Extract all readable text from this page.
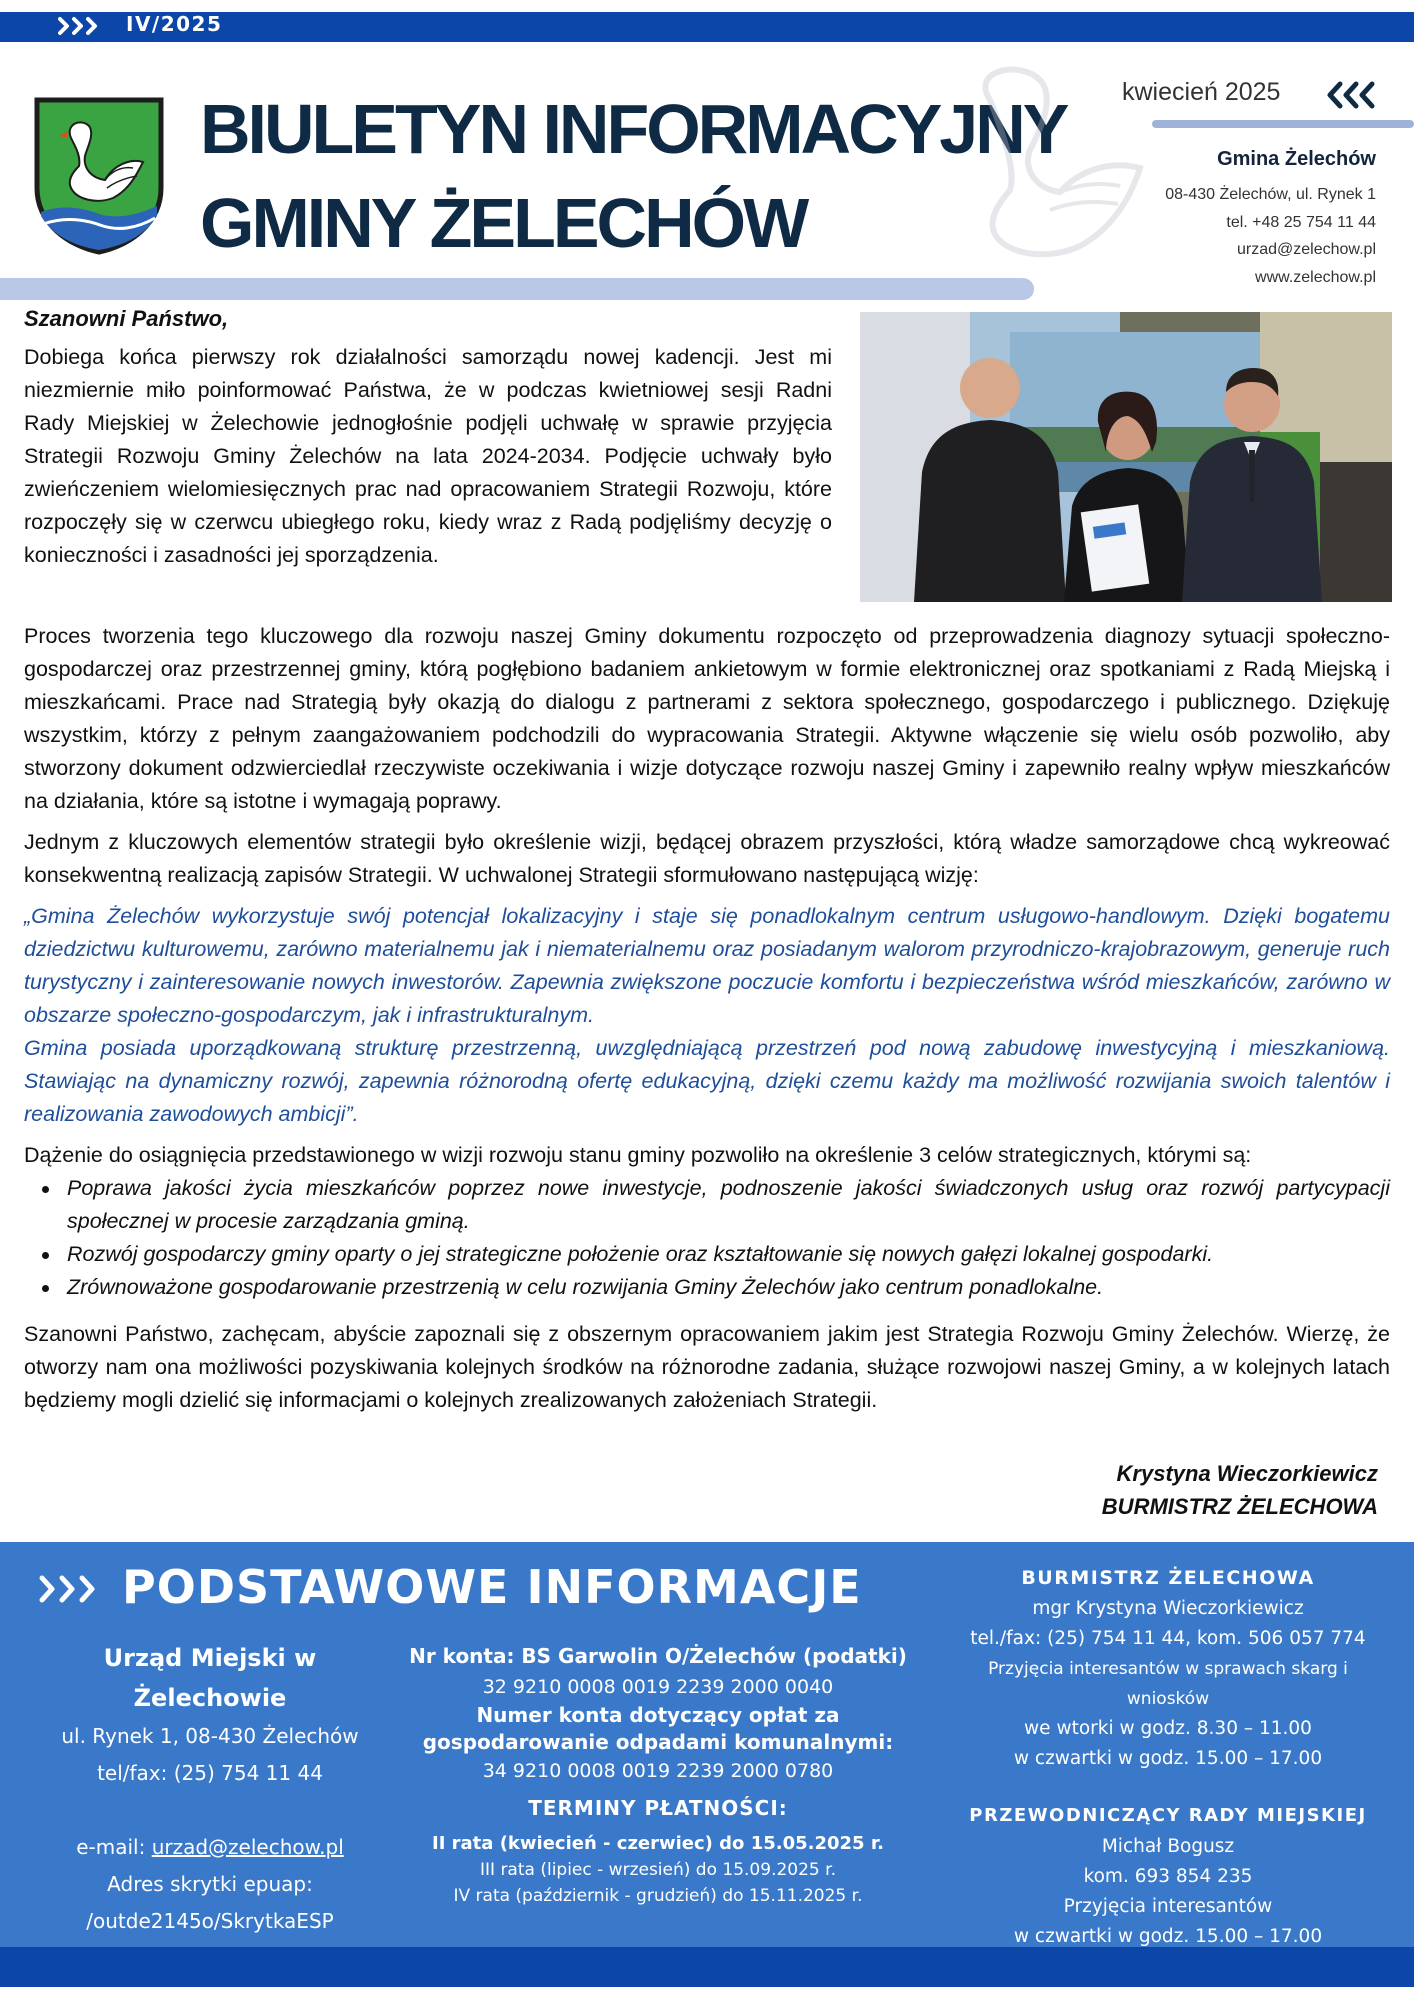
IV/2025
BIULETYN INFORMACYJNY
GMINY ŻELECHÓW
kwiecień 2025
Gmina Żelechów
08-430 Żelechów, ul. Rynek 1
tel. +48 25 754 11 44
urzad@zelechow.pl
www.zelechow.pl
Szanowni Państwo,
Dobiega końca pierwszy rok działalności samorządu nowej kadencji. Jest mi niezmiernie miło poinformować Państwa, że w podczas kwietniowej sesji Radni Rady Miejskiej w Żelechowie jednogłośnie podjęli uchwałę w sprawie przyjęcia Strategii Rozwoju Gminy Żelechów na lata 2024-2034. Podjęcie uchwały było zwieńczeniem wielomiesięcznych prac nad opracowaniem Strategii Rozwoju, które rozpoczęły się w czerwcu ubiegłego roku, kiedy wraz z Radą podjęliśmy decyzję o konieczności i zasadności jej sporządzenia.

Proces tworzenia tego kluczowego dla rozwoju naszej Gminy dokumentu rozpoczęto od przeprowadzenia diagnozy sytuacji społeczno-gospodarczej oraz przestrzennej gminy, którą pogłębiono badaniem ankietowym w formie elektronicznej oraz spotkaniami z Radą Miejską i mieszkańcami. Prace nad Strategią były okazją do dialogu z partnerami z sektora społecznego, gospodarczego i publicznego. Dziękuję wszystkim, którzy z pełnym zaangażowaniem podchodzili do wypracowania Strategii. Aktywne włączenie się wielu osób pozwoliło, aby stworzony dokument odzwierciedlał rzeczywiste oczekiwania i wizje dotyczące rozwoju naszej Gminy i zapewniło realny wpływ mieszkańców na działania, które są istotne i wymagają poprawy.

Jednym z kluczowych elementów strategii było określenie wizji, będącej obrazem przyszłości, którą władze samorządowe chcą wykreować konsekwentną realizacją zapisów Strategii. W uchwalonej Strategii sformułowano następującą wizję:

„Gmina Żelechów wykorzystuje swój potencjał lokalizacyjny i staje się ponadlokalnym centrum usługowo-handlowym. Dzięki bogatemu dziedzictwu kulturowemu, zarówno materialnemu jak i niematerialnemu oraz posiadanym walorom przyrodniczo-krajobrazowym, generuje ruch turystyczny i zainteresowanie nowych inwestorów. Zapewnia zwiększone poczucie komfortu i bezpieczeństwa wśród mieszkańców, zarówno w obszarze społeczno-gospodarczym, jak i infrastrukturalnym.

Gmina posiada uporządkowaną strukturę przestrzenną, uwzględniającą przestrzeń pod nową zabudowę inwestycyjną i mieszkaniową. Stawiając na dynamiczny rozwój, zapewnia różnorodną ofertę edukacyjną, dzięki czemu każdy ma możliwość rozwijania swoich talentów i realizowania zawodowych ambicji”.

Dążenie do osiągnięcia przedstawionego w wizji rozwoju stanu gminy pozwoliło na określenie 3 celów strategicznych, którymi są:

Poprawa jakości życia mieszkańców poprzez nowe inwestycje, podnoszenie jakości świadczonych usług oraz rozwój partycypacji społecznej w procesie zarządzania gminą.
Rozwój gospodarczy gminy oparty o jej strategiczne położenie oraz kształtowanie się nowych gałęzi lokalnej gospodarki.
Zrównoważone gospodarowanie przestrzenią w celu rozwijania Gminy Żelechów jako centrum ponadlokalne.

Szanowni Państwo, zachęcam, abyście zapoznali się z obszernym opracowaniem jakim jest Strategia Rozwoju Gminy Żelechów. Wierzę, że otworzy nam ona możliwości pozyskiwania kolejnych środków na różnorodne zadania, służące rozwojowi naszej Gminy, a w kolejnych latach będziemy mogli dzielić się informacjami o kolejnych zrealizowanych założeniach Strategii.

Krystyna Wieczorkiewicz
BURMISTRZ ŻELECHOWA
PODSTAWOWE INFORMACJE
Urząd Miejski w Żelechowie
ul. Rynek 1, 08-430 Żelechów
tel/fax: (25) 754 11 44
e-mail: urzad@zelechow.pl
Adres skrytki epuap:
/outde2145o/SkrytkaESP
Nr konta: BS Garwolin O/Żelechów (podatki)
32 9210 0008 0019 2239 2000 0040
Numer konta dotyczący opłat za
gospodarowanie odpadami komunalnymi:
34 9210 0008 0019 2239 2000 0780
TERMINY PŁATNOŚCI:
II rata (kwiecień - czerwiec) do 15.05.2025 r.
III rata (lipiec - wrzesień) do 15.09.2025 r.
IV rata (październik - grudzień) do 15.11.2025 r.
BURMISTRZ ŻELECHOWA
mgr Krystyna Wieczorkiewicz
tel./fax: (25) 754 11 44, kom. 506 057 774
Przyjęcia interesantów w sprawach skarg i wniosków
we wtorki w godz. 8.30 – 11.00
w czwartki w godz. 15.00 – 17.00
PRZEWODNICZĄCY RADY MIEJSKIEJ
Michał Bogusz
kom. 693 854 235
Przyjęcia interesantów
w czwartki w godz. 15.00 – 17.00
